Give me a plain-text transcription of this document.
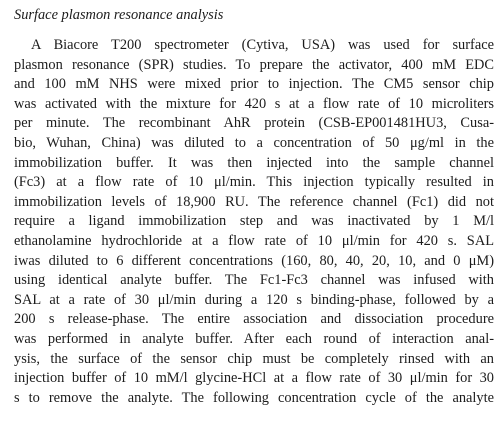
Surface plasmon resonance analysis
A Biacore T200 spectrometer (Cytiva, USA) was used for surface
plasmon resonance (SPR) studies. To prepare the activator, 400 mM EDC
and 100 mM NHS were mixed prior to injection. The CM5 sensor chip
was activated with the mixture for 420 s at a flow rate of 10 microliters
per minute. The recombinant AhR protein (CSB-EP001481HU3, Cusa-
bio, Wuhan, China) was diluted to a concentration of 50 μg/ml in the
immobilization buffer. It was then injected into the sample channel
(Fc3) at a flow rate of 10 μl/min. This injection typically resulted in
immobilization levels of 18,900 RU. The reference channel (Fc1) did not
require a ligand immobilization step and was inactivated by 1 M/l
ethanolamine hydrochloride at a flow rate of 10 μl/min for 420 s. SAL
iwas diluted to 6 different concentrations (160, 80, 40, 20, 10, and 0 μM)
using identical analyte buffer. The Fc1-Fc3 channel was infused with
SAL at a rate of 30 μl/min during a 120 s binding-phase, followed by a
200 s release-phase. The entire association and dissociation procedure
was performed in analyte buffer. After each round of interaction anal-
ysis, the surface of the sensor chip must be completely rinsed with an
injection buffer of 10 mM/l glycine-HCl at a flow rate of 30 μl/min for 30
s to remove the analyte. The following concentration cycle of the analyte
